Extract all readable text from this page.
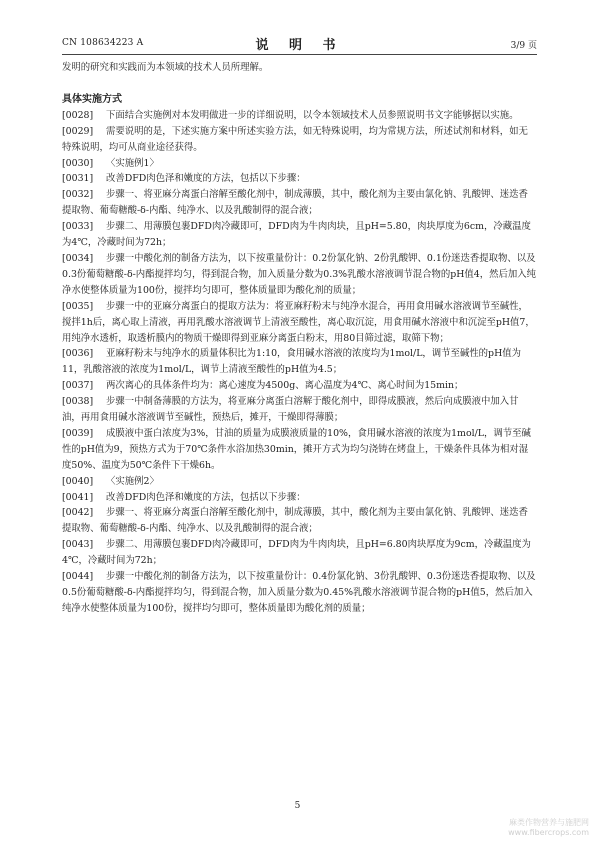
CN 108634223 A	说 明 书	3/9 页

发明的研究和实践而为本领域的技术人员所理解。

具体实施方式

[0028] 下面结合实施例对本发明做进一步的详细说明，以令本领域技术人员参照说明书文字能够据以实施。

[0029] 需要说明的是，下述实施方案中所述实验方法，如无特殊说明，均为常规方法，所述试剂和材料，如无特殊说明，均可从商业途径获得。

[0030] 〈实施例1〉

[0031] 改善DFD肉色泽和嫩度的方法，包括以下步骤：

[0032] 步骤一、将亚麻分离蛋白溶解至酸化剂中，制成薄膜，其中，酸化剂为主要由氯化钠、乳酸钾、迷迭香提取物、葡萄糖酸-δ-内酯、纯净水、以及乳酸制得的混合液；

[0033] 步骤二、用薄膜包裹DFD肉冷藏即可，DFD肉为牛肉肉块，且pH=5.80，肉块厚度为6cm，冷藏温度为4℃，冷藏时间为72h；

[0034] 步骤一中酸化剂的制备方法为，以下按重量份计：0.2份氯化钠、2份乳酸钾、0.1份迷迭香提取物、以及0.3份葡萄糖酸-δ-内酯搅拌均匀，得到混合物，加入质量分数为0.3%乳酸水溶液调节混合物的pH值4，然后加入纯净水使整体质量为100份，搅拌均匀即可，整体质量即为酸化剂的质量；

[0035] 步骤一中的亚麻分离蛋白的提取方法为：将亚麻籽粉末与纯净水混合，再用食用碱水溶液调节至碱性，搅拌1h后，离心取上清液，再用乳酸水溶液调节上清液至酸性，离心取沉淀，用食用碱水溶液中和沉淀至pH值7，用纯净水透析，取透析膜内的物质干燥即得到亚麻分离蛋白粉末，用80目筛过滤，取筛下物；

[0036] 亚麻籽粉末与纯净水的质量体积比为1:10，食用碱水溶液的浓度均为1mol/L，调节至碱性的pH值为11，乳酸溶液的浓度为1mol/L，调节上清液至酸性的pH值为4.5；

[0037] 两次离心的具体条件均为：离心速度为4500g、离心温度为4℃、离心时间为15min；

[0038] 步骤一中制备薄膜的方法为，将亚麻分离蛋白溶解于酸化剂中，即得成膜液，然后向成膜液中加入甘油，再用食用碱水溶液调节至碱性，预热后，摊开，干燥即得薄膜；

[0039] 成膜液中蛋白浓度为3%，甘油的质量为成膜液质量的10%，食用碱水溶液的浓度为1mol/L，调节至碱性的pH值为9，预热方式为于70℃条件水浴加热30min，摊开方式为均匀浇铸在烤盘上，干燥条件具体为相对湿度50%、温度为50℃条件下干燥6h。

[0040] 〈实施例2〉

[0041] 改善DFD肉色泽和嫩度的方法，包括以下步骤：

[0042] 步骤一、将亚麻分离蛋白溶解至酸化剂中，制成薄膜，其中，酸化剂为主要由氯化钠、乳酸钾、迷迭香提取物、葡萄糖酸-δ-内酯、纯净水、以及乳酸制得的混合液；

[0043] 步骤二、用薄膜包裹DFD肉冷藏即可，DFD肉为牛肉肉块，且pH=6.80肉块厚度为9cm，冷藏温度为4℃，冷藏时间为72h；

[0044] 步骤一中酸化剂的制备方法为，以下按重量份计：0.4份氯化钠、3份乳酸钾、0.3份迷迭香提取物、以及0.5份葡萄糖酸-δ-内酯搅拌均匀，得到混合物，加入质量分数为0.45%乳酸水溶液调节混合物的pH值5，然后加入纯净水使整体质量为100份，搅拌均匀即可，整体质量即为酸化剂的质量；

5
麻类作物营养与施肥网
www.fibercrops.com
